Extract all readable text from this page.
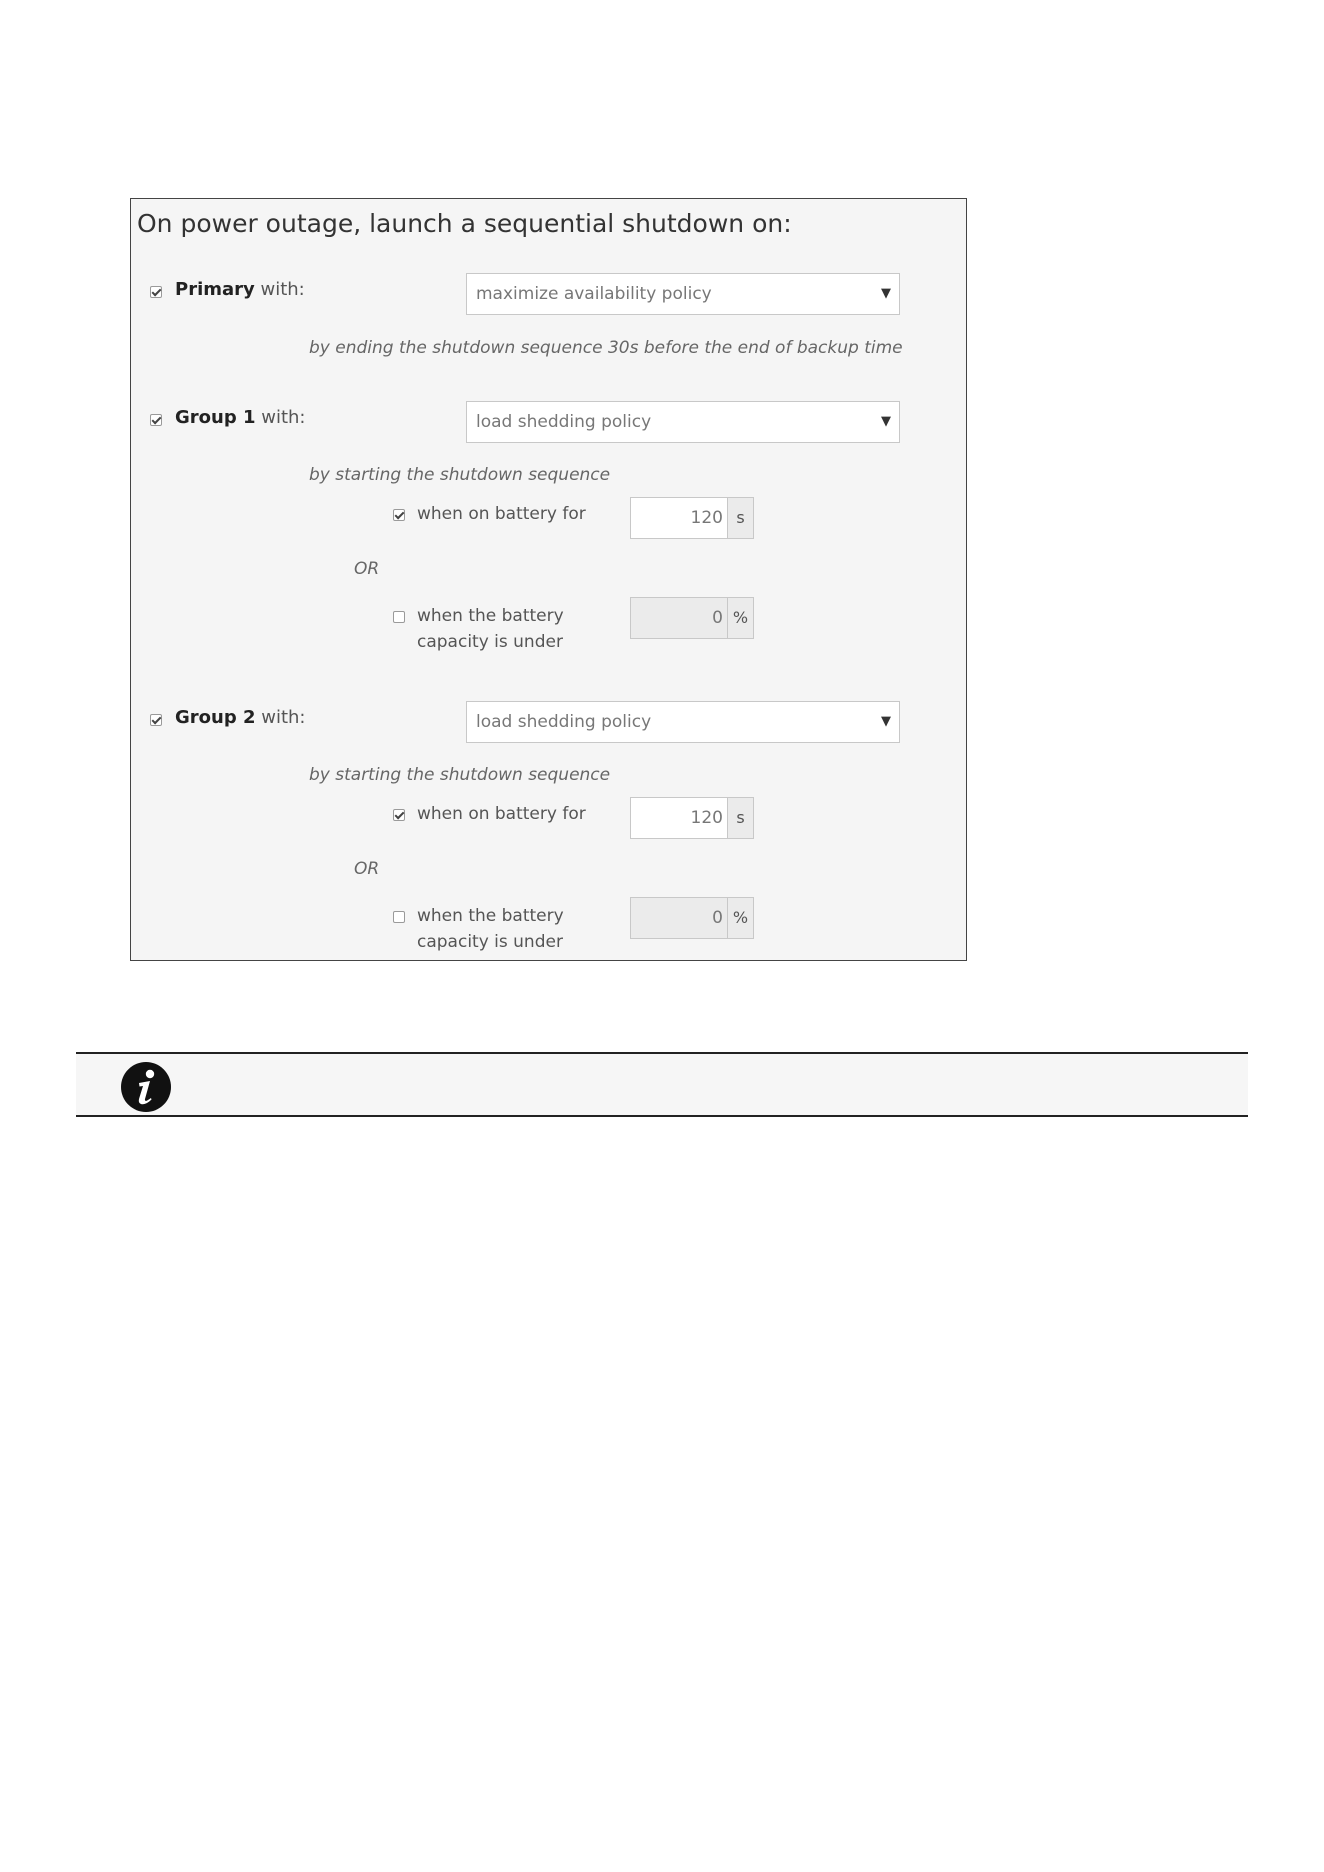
On power outage, launch a sequential shutdown on:
Primary with:	maximize availability policy	▼
by ending the shutdown sequence 30s before the end of backup time
Group 1 with:	load shedding policy	▼
by starting the shutdown sequence
when on battery for	120 s
OR
when the battery
capacity is under
0 %
Group 2 with:	load shedding policy	▼
by starting the shutdown sequence
when on battery for	120 s
OR
when the battery
capacity is under
0 %
